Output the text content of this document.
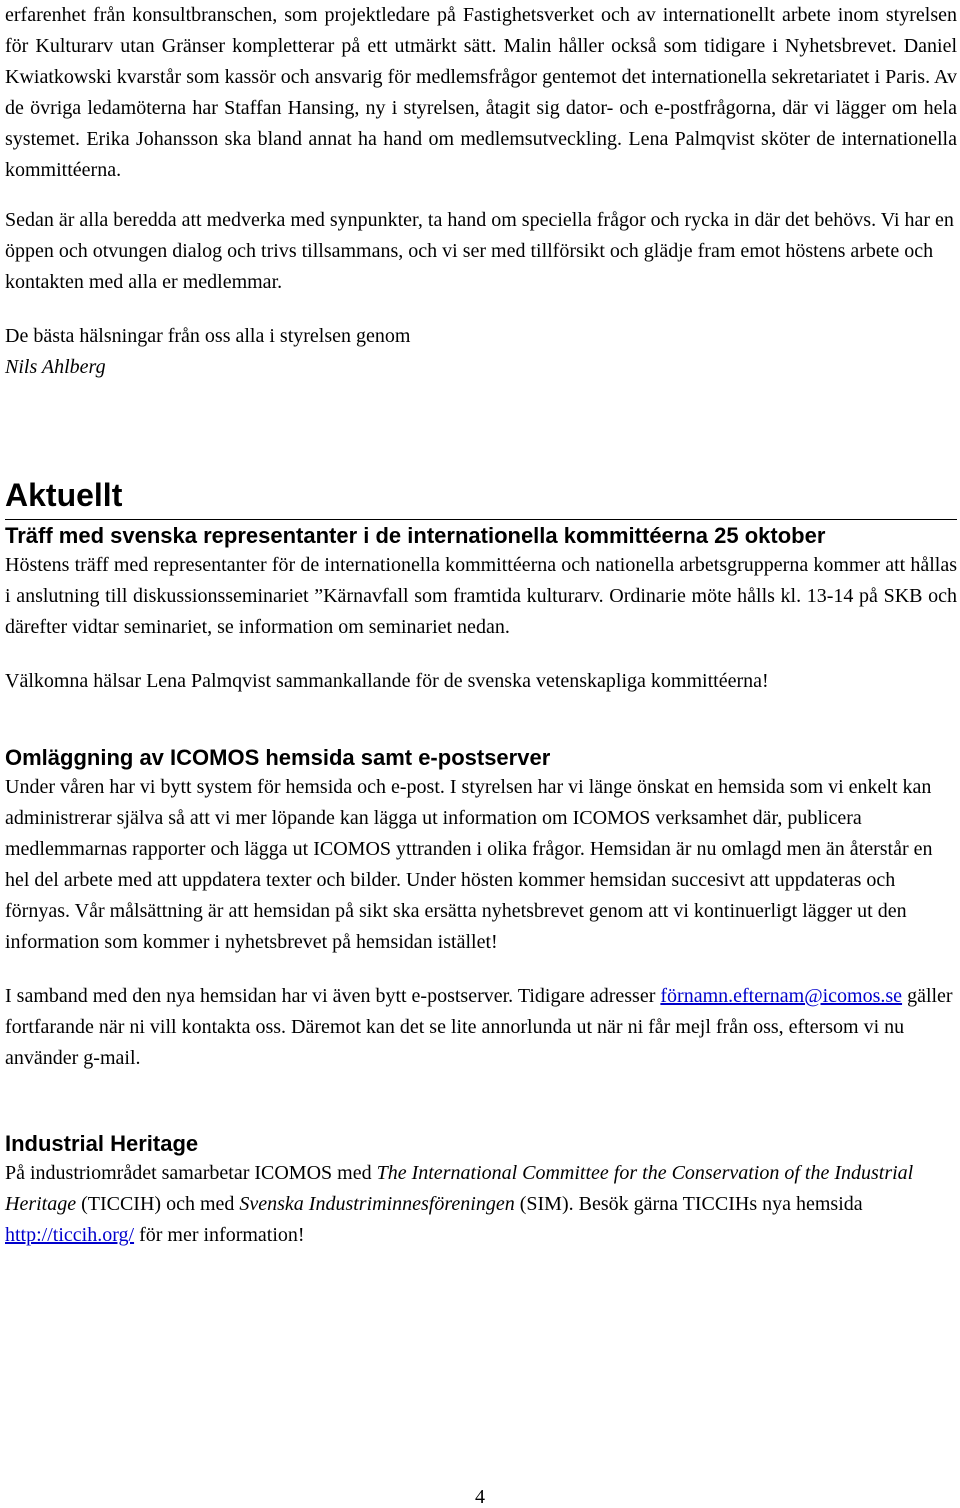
erfarenhet från konsultbranschen, som projektledare på Fastighetsverket och av internationellt arbete inom styrelsen för Kulturarv utan Gränser kompletterar på ett utmärkt sätt. Malin håller också som tidigare i Nyhetsbrevet. Daniel Kwiatkowski kvarstår som kassör och ansvarig för medlemsfrågor gentemot det internationella sekretariatet i Paris. Av de övriga ledamöterna har Staffan Hansing, ny i styrelsen, åtagit sig dator- och e-postfrågorna, där vi lägger om hela systemet. Erika Johansson ska bland annat ha hand om medlemsutveckling. Lena Palmqvist sköter de internationella kommittéerna.

Sedan är alla beredda att medverka med synpunkter, ta hand om speciella frågor och rycka in där det behövs. Vi har en öppen och otvungen dialog och trivs tillsammans, och vi ser med tillförsikt och glädje fram emot höstens arbete och kontakten med alla er medlemmar.

De bästa hälsningar från oss alla i styrelsen genom

Nils Ahlberg
Aktuellt
Träff med svenska representanter i de internationella kommittéerna 25 oktober

Höstens träff med representanter för de internationella kommittéerna och nationella arbetsgrupperna kommer att hållas i anslutning till diskussionsseminariet ”Kärnavfall som framtida kulturarv. Ordinarie möte hålls kl. 13-14 på SKB och därefter vidtar seminariet, se information om seminariet nedan.

Välkomna hälsar Lena Palmqvist sammankallande för de svenska vetenskapliga kommittéerna!

Omläggning av ICOMOS hemsida samt e-postserver

Under våren har vi bytt system för hemsida och e-post. I styrelsen har vi länge önskat en hemsida som vi enkelt kan administrerar själva så att vi mer löpande kan lägga ut information om ICOMOS verksamhet där, publicera medlemmarnas rapporter och lägga ut ICOMOS yttranden i olika frågor. Hemsidan är nu omlagd men än återstår en hel del arbete med att uppdatera texter och bilder. Under hösten kommer hemsidan succesivt att uppdateras och förnyas. Vår målsättning är att hemsidan på sikt ska ersätta nyhetsbrevet genom att vi kontinuerligt lägger ut den information som kommer i nyhetsbrevet på hemsidan istället!

I samband med den nya hemsidan har vi även bytt e-postserver. Tidigare adresser förnamn.efternam@icomos.se gäller fortfarande när ni vill kontakta oss. Däremot kan det se lite annorlunda ut när ni får mejl från oss, eftersom vi nu använder g-mail.

Industrial Heritage

På industriområdet samarbetar ICOMOS med The International Committee for the Conservation of the Industrial Heritage (TICCIH) och med Svenska Industriminnesföreningen (SIM). Besök gärna TICCIHs nya hemsida http://ticcih.org/ för mer information!

4
